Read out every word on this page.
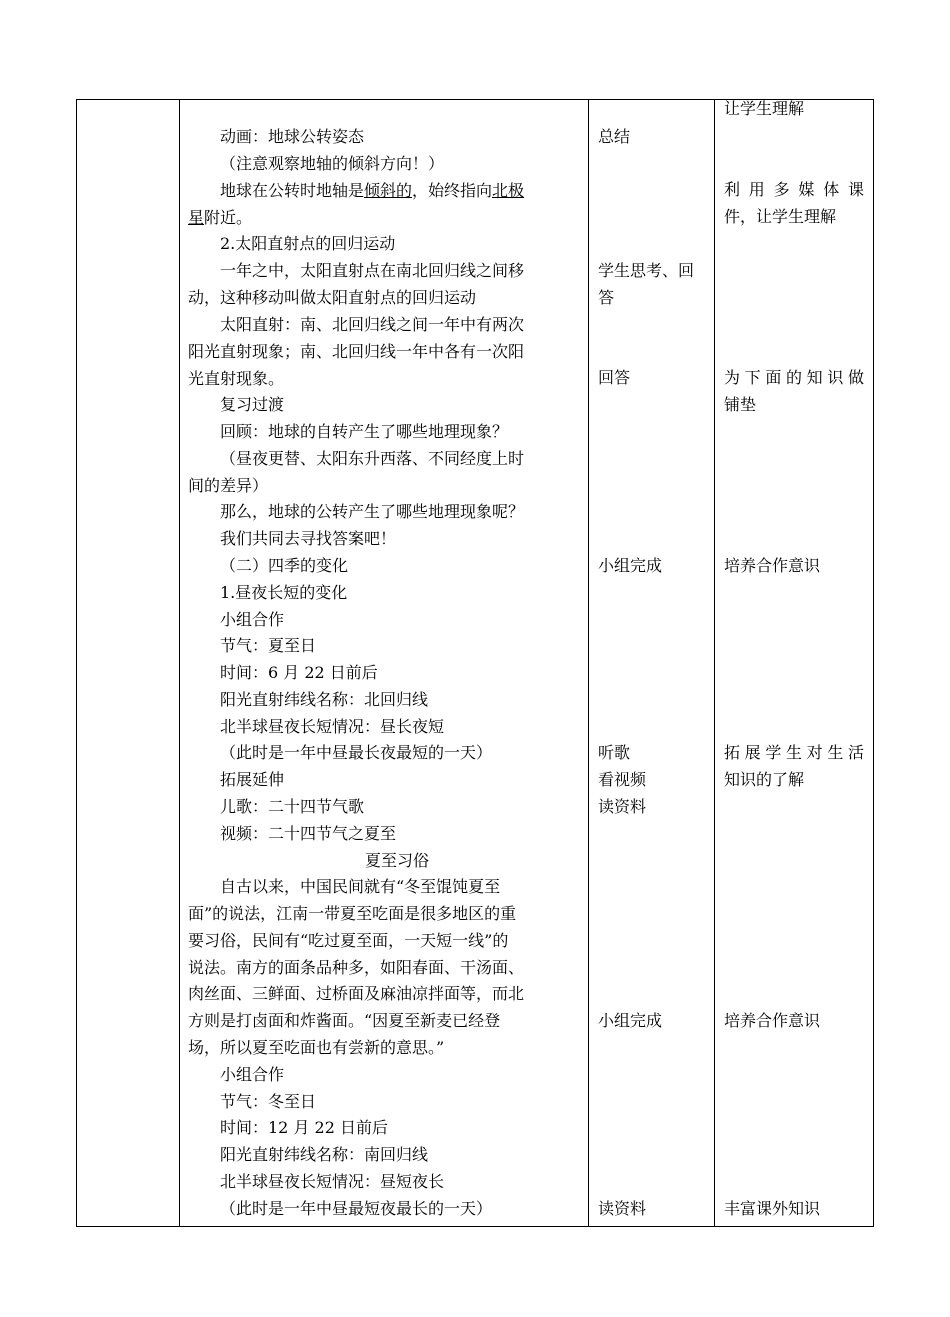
让学生理解
利用多媒体课
件，让学生理解
为下面的知识做
铺垫
培养合作意识
拓展学生对生活
知识的了解
培养合作意识
丰富课外知识
总结
学生思考、回
答
回答
小组完成
听歌
看视频
读资料
小组完成
读资料
动画：地球公转姿态
（注意观察地轴的倾斜方向！）
地球在公转时地轴是倾斜的，始终指向北极
星附近。
2.太阳直射点的回归运动
一年之中，太阳直射点在南北回归线之间移
动，这种移动叫做太阳直射点的回归运动
太阳直射：南、北回归线之间一年中有两次
阳光直射现象；南、北回归线一年中各有一次阳
光直射现象。
复习过渡
回顾：地球的自转产生了哪些地理现象？
（昼夜更替、太阳东升西落、不同经度上时
间的差异）
那么，地球的公转产生了哪些地理现象呢？
我们共同去寻找答案吧！
（二）四季的变化
1.昼夜长短的变化
小组合作
节气：夏至日
时间：6 月 22 日前后
阳光直射纬线名称：北回归线
北半球昼夜长短情况：昼长夜短
（此时是一年中昼最长夜最短的一天）
拓展延伸
儿歌：二十四节气歌
视频：二十四节气之夏至
夏至习俗
自古以来，中国民间就有“冬至馄饨夏至
面”的说法，江南一带夏至吃面是很多地区的重
要习俗，民间有“吃过夏至面，一天短一线”的
说法。南方的面条品种多，如阳春面、干汤面、
肉丝面、三鲜面、过桥面及麻油凉拌面等，而北
方则是打卤面和炸酱面。“因夏至新麦已经登
场，所以夏至吃面也有尝新的意思。”
小组合作
节气：冬至日
时间：12 月 22 日前后
阳光直射纬线名称：南回归线
北半球昼夜长短情况：昼短夜长
（此时是一年中昼最短夜最长的一天）
